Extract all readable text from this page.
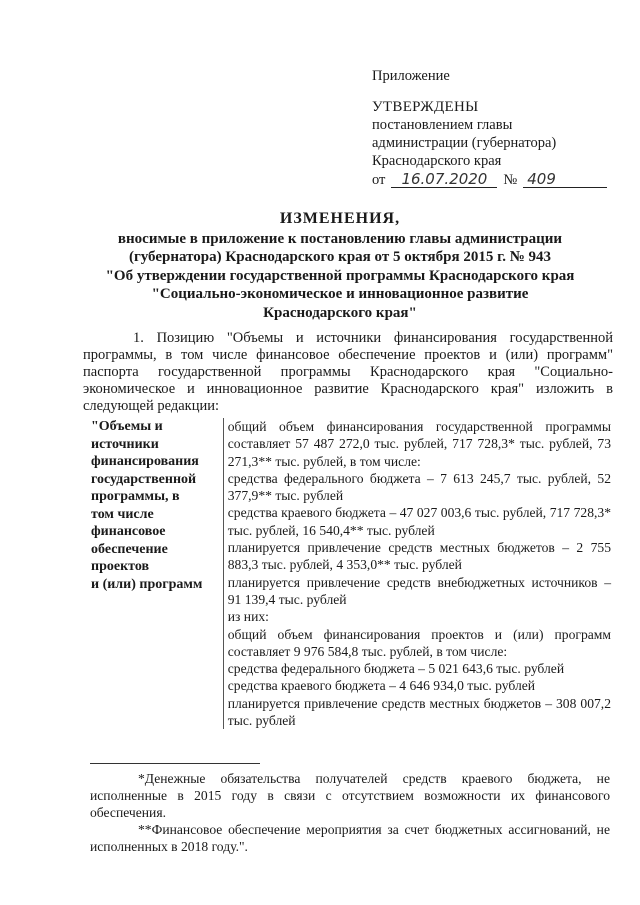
Приложение
УТВЕРЖДЕНЫ
постановлением главы
администрации (губернатора)
Краснодарского края
от	16.07.2020	№ 409
ИЗМЕНЕНИЯ,
вносимые в приложение к постановлению главы администрации
(губернатора) Краснодарского края от 5 октября 2015 г. № 943
"Об утверждении государственной программы Краснодарского края
"Социально-экономическое и инновационное развитие
Краснодарского края"
1. Позицию "Объемы и источники финансирования государственной программы, в том числе финансовое обеспечение проектов и (или) программ" паспорта государственной программы Краснодарского края "Социально-экономическое и инновационное развитие Краснодарского края" изложить в следующей редакции:
"Объемы и
источники
финансирования
государственной
программы, в
том числе
финансовое
обеспечение
проектов
и (или) программ
общий объем финансирования государственной программы составляет 57 487 272,0 тыс. рублей, 717 728,3* тыс. рублей, 73 271,3** тыс. рублей, в том числе:
средства федерального бюджета – 7 613 245,7 тыс. рублей, 52 377,9** тыс. рублей
средства краевого бюджета – 47 027 003,6 тыс. рублей, 717 728,3* тыс. рублей, 16 540,4** тыс. рублей
планируется привлечение средств местных бюджетов – 2 755 883,3 тыс. рублей, 4 353,0** тыс. рублей
планируется привлечение средств внебюджетных источников – 91 139,4 тыс. рублей
из них:
общий объем финансирования проектов и (или) программ составляет 9 976 584,8 тыс. рублей, в том числе:
средства федерального бюджета – 5 021 643,6 тыс. рублей
средства краевого бюджета – 4 646 934,0 тыс. рублей
планируется привлечение средств местных бюджетов – 308 007,2 тыс. рублей

*Денежные обязательства получателей средств краевого бюджета, не исполненные в 2015 году в связи с отсутствием возможности их финансового обеспечения.

**Финансовое обеспечение мероприятия за счет бюджетных ассигнований, не исполненных в 2018 году.".
